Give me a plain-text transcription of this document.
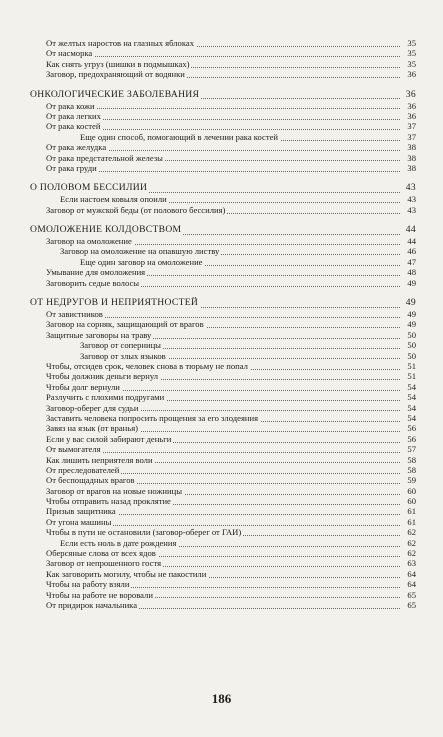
От желтых наростов на глазных яблоках	35
От насморка	35
Как снять угруз (шишки в подмышках)	35
Заговор, предохраняющий от водянки	36
ОНКОЛОГИЧЕСКИЕ ЗАБОЛЕВАНИЯ	36
От рака кожи	36
От рака легких	36
От рака костей	37
Еще один способ, помогающий в лечении рака костей	37
От рака желудка	38
От рака предстательной железы	38
От рака груди	38
О ПОЛОВОМ БЕССИЛИИ	43
Если настоем ковыля опоили	43
Заговор от мужской беды (от полового бессилия)	43
ОМОЛОЖЕНИЕ КОЛДОВСТВОМ	44
Заговор на омоложение	44
Заговор на омоложение на опавшую листву	46
Еще один заговор на омоложение	47
Умывание для омоложения	48
Заговорить седые волосы	49
ОТ НЕДРУГОВ И НЕПРИЯТНОСТЕЙ	49
От завистников	49
Заговор на сорняк, защищающий от врагов	49
Защитные заговоры на траву	50
Заговор от соперницы	50
Заговор от злых языков	50
Чтобы, отсидев срок, человек снова в тюрьму не попал	51
Чтобы должник деньги вернул	51
Чтобы долг вернули	54
Разлучить с плохими подругами	54
Заговор-оберег для судьи	54
Заставить человека попросить прощения за его злодеяния	54
Завяз на язык (от вранья)	56
Если у вас силой забирают деньги	56
От вымогателя	57
Как лишить неприятеля воли	58
От преследователей	58
От беспощадных врагов	59
Заговор от врагов на новые ножницы	60
Чтобы отправить назад проклятие	60
Призыв защитника	61
От угона машины	61
Чтобы в пути не остановили (заговор-оберег от ГАИ)	62
Если есть ноль в дате рождения	62
Оберсяные слова от всех ядов	62
Заговор от непрошенного гостя	63
Как заговорить могилу, чтобы не пакостили	64
Чтобы на работу взяли	64
Чтобы на работе не воровали	65
От придирок начальника	65
186
